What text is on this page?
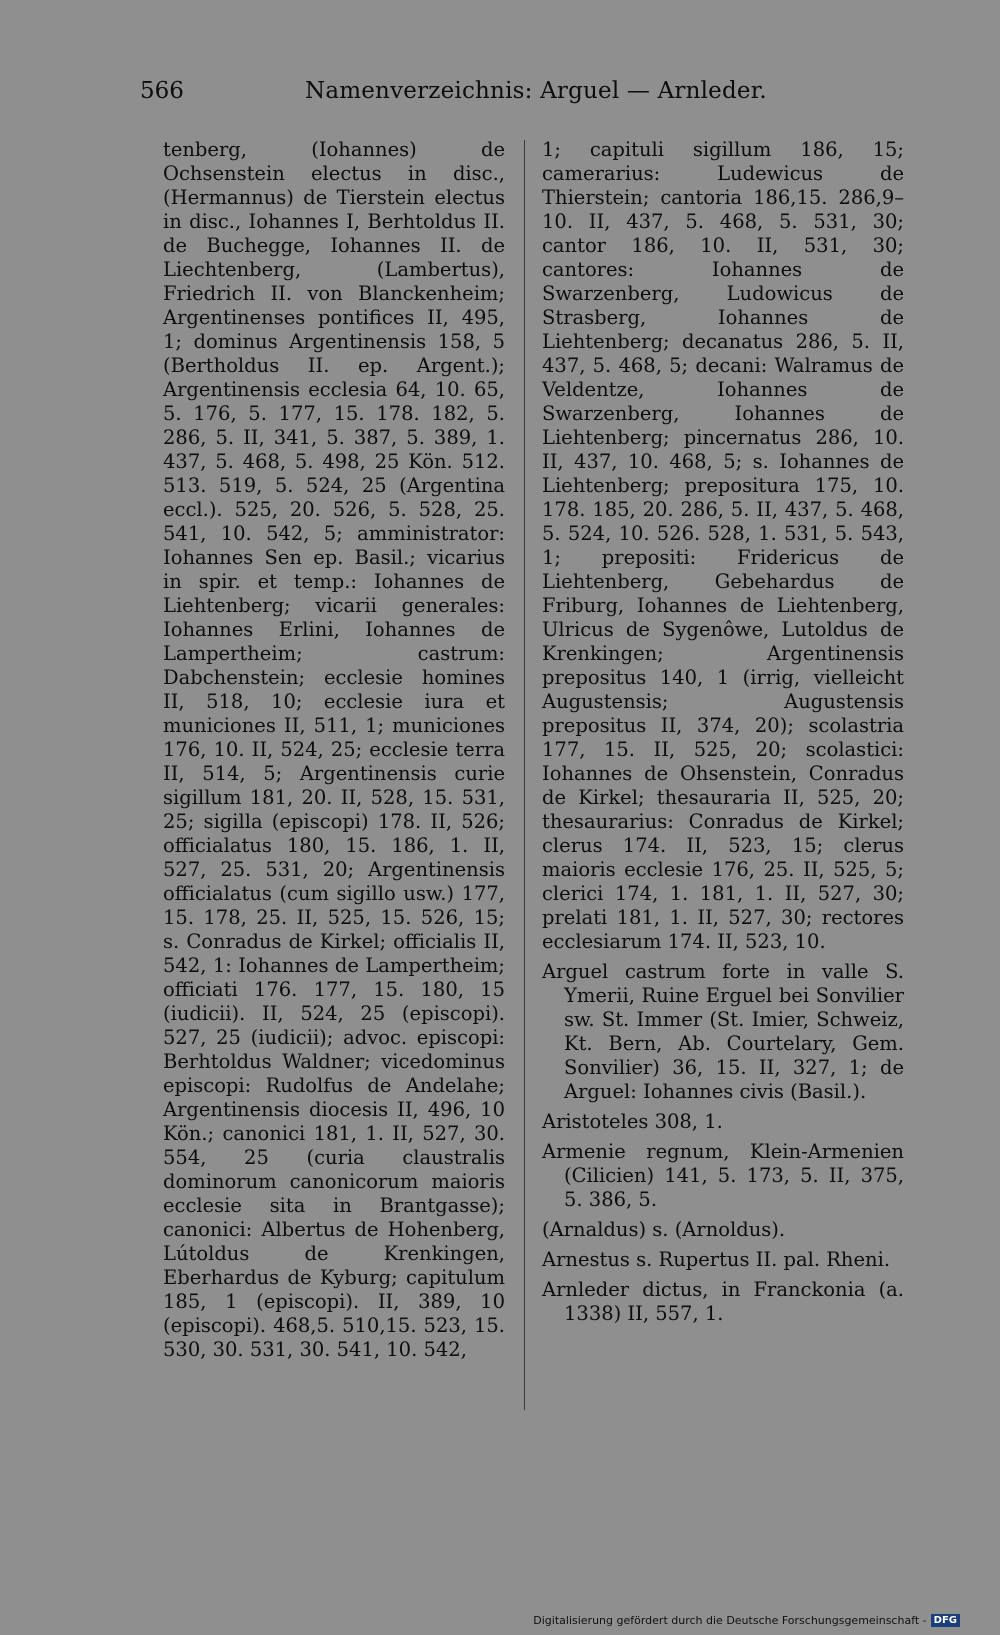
566	Namenverzeichnis: Arguel — Arnleder.

tenberg, (Iohannes) de Ochsenstein electus in disc., (Hermannus) de Tierstein electus in disc., Iohannes I, Berhtoldus II. de Buchegge, Iohannes II. de Liechtenberg, (Lambertus), Friedrich II. von Blanckenheim; Argentinenses pontifices II, 495, 1; dominus Argentinensis 158, 5 (Bertholdus II. ep. Argent.); Argentinensis ecclesia 64, 10. 65, 5. 176, 5. 177, 15. 178. 182, 5. 286, 5. II, 341, 5. 387, 5. 389, 1. 437, 5. 468, 5. 498, 25 Kön. 512. 513. 519, 5. 524, 25 (Argentina eccl.). 525, 20. 526, 5. 528, 25. 541, 10. 542, 5; amministrator: Iohannes Sen ep. Basil.; vicarius in spir. et temp.: Iohannes de Liehtenberg; vicarii generales: Iohannes Erlini, Iohannes de Lampertheim; castrum: Dabchenstein; ecclesie homines II, 518, 10; ecclesie iura et municiones II, 511, 1; municiones 176, 10. II, 524, 25; ecclesie terra II, 514, 5; Argentinensis curie sigillum 181, 20. II, 528, 15. 531, 25; sigilla (episcopi) 178. II, 526; officialatus 180, 15. 186, 1. II, 527, 25. 531, 20; Argentinensis officialatus (cum sigillo usw.) 177, 15. 178, 25. II, 525, 15. 526, 15; s. Conradus de Kirkel; officialis II, 542, 1: Iohannes de Lampertheim; officiati 176. 177, 15. 180, 15 (iudicii). II, 524, 25 (episcopi). 527, 25 (iudicii); advoc. episcopi: Berhtoldus Waldner; vicedominus episcopi: Rudolfus de Andelahe; Argentinensis diocesis II, 496, 10 Kön.; canonici 181, 1. II, 527, 30. 554, 25 (curia claustralis dominorum canonicorum maioris ecclesie sita in Brantgasse); canonici: Albertus de Hohenberg, Lútoldus de Krenkingen, Eberhardus de Kyburg; capitulum 185, 1 (episcopi). II, 389, 10 (episcopi). 468,5. 510,15. 523, 15. 530, 30. 531, 30. 541, 10. 542,

1; capituli sigillum 186, 15; camerarius: Ludewicus de Thierstein; cantoria 186,15. 286,9–10. II, 437, 5. 468, 5. 531, 30; cantor 186, 10. II, 531, 30; cantores: Iohannes de Swarzenberg, Ludowicus de Strasberg, Iohannes de Liehtenberg; decanatus 286, 5. II, 437, 5. 468, 5; decani: Walramus de Veldentze, Iohannes de Swarzenberg, Iohannes de Liehtenberg; pincernatus 286, 10. II, 437, 10. 468, 5; s. Iohannes de Liehtenberg; prepositura 175, 10. 178. 185, 20. 286, 5. II, 437, 5. 468, 5. 524, 10. 526. 528, 1. 531, 5. 543, 1; prepositi: Fridericus de Liehtenberg, Gebehardus de Friburg, Iohannes de Liehtenberg, Ulricus de Sygenôwe, Lutoldus de Krenkingen; Argentinensis prepositus 140, 1 (irrig, vielleicht Augustensis; Augustensis prepositus II, 374, 20); scolastria 177, 15. II, 525, 20; scolastici: Iohannes de Ohsenstein, Conradus de Kirkel; thesauraria II, 525, 20; thesaurarius: Conradus de Kirkel; clerus 174. II, 523, 15; clerus maioris ecclesie 176, 25. II, 525, 5; clerici 174, 1. 181, 1. II, 527, 30; prelati 181, 1. II, 527, 30; rectores ecclesiarum 174. II, 523, 10.

Arguel castrum forte in valle S. Ymerii, Ruine Erguel bei Sonvilier sw. St. Immer (St. Imier, Schweiz, Kt. Bern, Ab. Courtelary, Gem. Sonvilier) 36, 15. II, 327, 1; de Arguel: Iohannes civis (Basil.).

Aristoteles 308, 1.

Armenie regnum, Klein-Armenien (Cilicien) 141, 5. 173, 5. II, 375, 5. 386, 5.

(Arnaldus) s. (Arnoldus).

Arnestus s. Rupertus II. pal. Rheni.

Arnleder dictus, in Franckonia (a. 1338) II, 557, 1.

Digitalisierung gefördert durch die Deutsche Forschungsgemeinschaft - DFG
